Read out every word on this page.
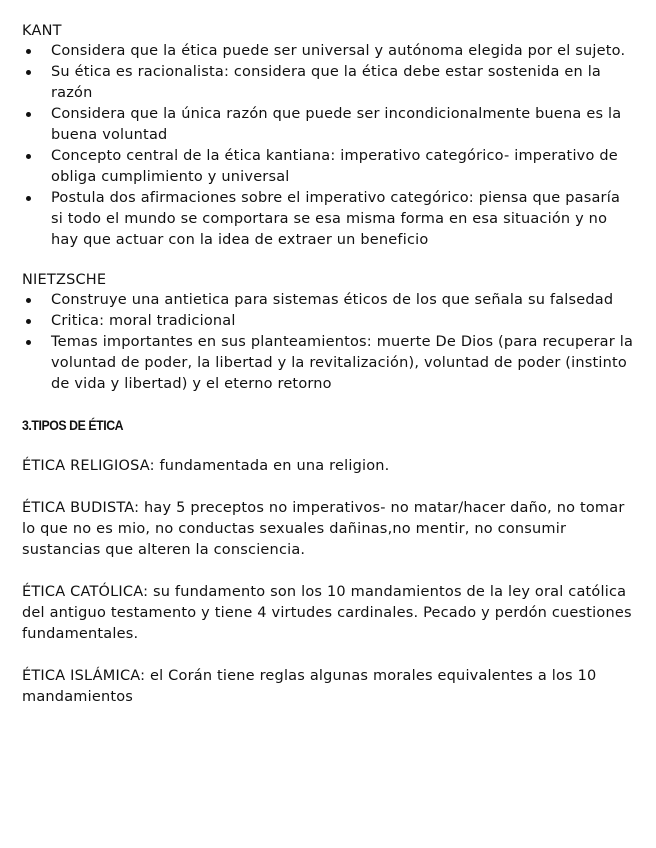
KANT

Considera que la ética puede ser universal y autónoma elegida por el sujeto.
Su ética es racionalista: considera que la ética debe estar sostenida en la razón
Considera que la única razón que puede ser incondicionalmente buena es la buena voluntad
Concepto central de la ética kantiana: imperativo categórico- imperativo de obliga cumplimiento y universal
Postula dos afirmaciones sobre el imperativo categórico: piensa que pasaría si todo el mundo se comportara se esa misma forma en esa situación y no hay que actuar con la idea de extraer un beneficio

NIETZSCHE

Construye una antietica para sistemas éticos de los que señala su falsedad
Critica: moral tradicional
Temas importantes en sus planteamientos: muerte De Dios (para recuperar la voluntad de poder, la libertad y la revitalización), voluntad de poder (instinto de vida y libertad) y el eterno retorno

3.TIPOS DE ÉTICA

ÉTICA RELIGIOSA: fundamentada en una religion.

ÉTICA BUDISTA: hay 5 preceptos no imperativos- no matar/hacer daño, no tomar lo que no es mio, no conductas sexuales dañinas,no mentir, no consumir sustancias que alteren la consciencia.

ÉTICA CATÓLICA: su fundamento son los 10 mandamientos de la ley oral católica del antiguo testamento y tiene 4 virtudes cardinales. Pecado y perdón cuestiones fundamentales.

ÉTICA ISLÁMICA: el Corán tiene reglas algunas morales equivalentes a los 10 mandamientos
